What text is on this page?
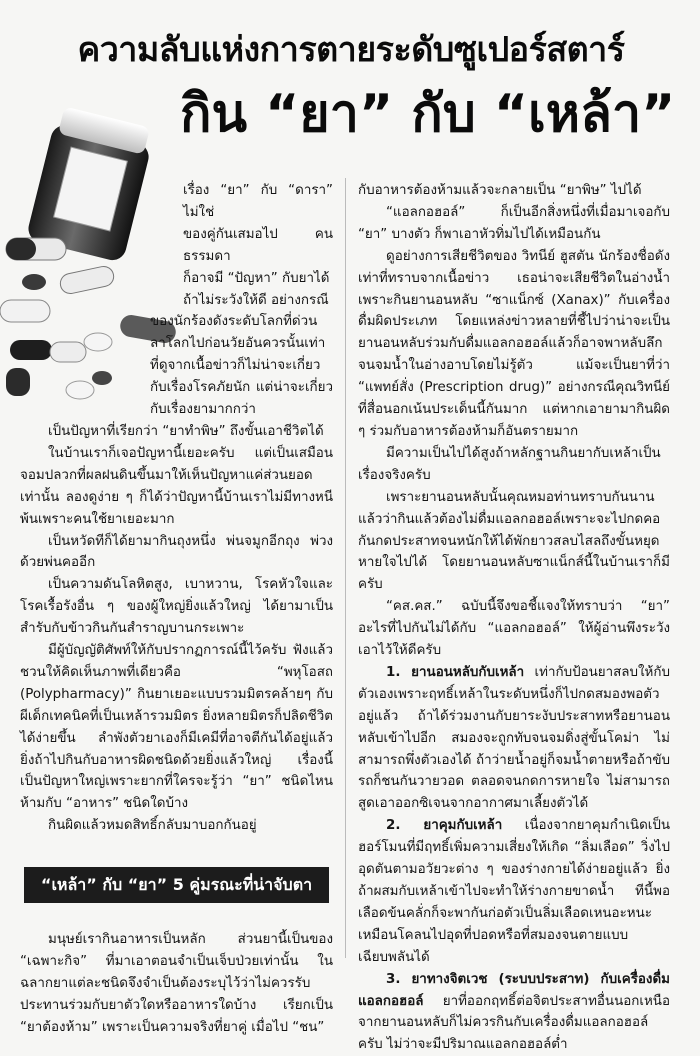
ความลับแห่งการตายระดับซูเปอร์สตาร์
กิน “ยา” กับ “เหล้า”

เรื่อง “ยา” กับ “ดารา” ไม่ใช่

ของคู่กันเสมอไป คนธรรมดา

ก็อาจมี “ปัญหา” กับยาได้

ถ้าไม่ระวังให้ดี อย่างกรณี

ของนักร้องดังระดับโลกที่ด่วนลาโลกไปก่อนวัยอันควรนั้นเท่าที่ดูจากเนื้อข่าวก็ไม่น่าจะเกี่ยวกับเรื่องโรคภัยนัก แต่น่าจะเกี่ยวกับเรื่องยามากกว่า

เป็นปัญหาที่เรียกว่า “ยาทำพิษ” ถึงขั้นเอาชีวิตได้

ในบ้านเราก็เจอปัญหานี้เยอะครับ แต่เป็นเสมือนจอมปลวกที่ผลฝนดินขึ้นมาให้เห็นปัญหาแค่ส่วนยอดเท่านั้น ลองดูง่าย ๆ ก็ได้ว่าปัญหานี้บ้านเราไม่มีทางหนีพ้นเพราะคนใช้ยาเยอะมาก

เป็นหวัดทีก็ได้ยามากินถุงหนึ่ง พ่นจมูกอีกถุง พ่วงด้วยพ่นคออีก

เป็นความดันโลหิตสูง, เบาหวาน, โรคหัวใจและโรคเรื้อรังอื่น ๆ ของผู้ใหญ่ยิ่งแล้วใหญ่ ได้ยามาเป็นสำรับกับข้าวกินกันสำราญบานกระเพาะ

มีผู้บัญญัติศัพท์ให้กับปรากฏการณ์นี้ไว้ครับ ฟังแล้วชวนให้คิดเห็นภาพที่เดียวคือ “พหุโอสถ (Polypharmacy)” กินยาเยอะแบบรวมมิตรคล้ายๆ กับผีเด็กเทคนิคที่เป็นเหล้ารวมมิตร ยิ่งหลายมิตรก็ปลิดชีวิตได้ง่ายขึ้น ลำพังตัวยาเองก็มีเคมีที่อาจตีกันได้อยู่แล้ว ยิ่งถ้าไปกินกับอาหารผิดชนิดด้วยยิ่งแล้วใหญ่ เรื่องนี้เป็นปัญหาใหญ่เพราะยากที่ใครจะรู้ว่า “ยา” ชนิดไหนห้ามกับ “อาหาร” ชนิดใดบ้าง

กินผิดแล้วหมดสิทธิ์กลับมาบอกกันอยู่

“เหล้า” กับ “ยา” 5 คู่มรณะที่น่าจับตา

มนุษย์เรากินอาหารเป็นหลัก ส่วนยานี้เป็นของ “เฉพาะกิจ” ที่มาเอาตอนจำเป็นเจ็บป่วยเท่านั้น ในฉลากยาแต่ละชนิดจึงจำเป็นต้องระบุไว้ว่าไม่ควรรับประทานร่วมกับยาตัวใดหรืออาหารใดบ้าง เรียกเป็น “ยาต้องห้าม” เพราะเป็นความจริงที่ยาคู่ เมื่อไป “ชน”

กับอาหารต้องห้ามแล้วจะกลายเป็น “ยาพิษ” ไปได้

“แอลกอฮอล์” ก็เป็นอีกสิ่งหนึ่งที่เมื่อมาเจอกับ “ยา” บางตัว ก็พาเอาหัวทิ่มไปได้เหมือนกัน

ดูอย่างการเสียชีวิตของ วิทนีย์ ฮูสตัน นักร้องชื่อดัง เท่าที่ทราบจากเนื้อข่าว เธอน่าจะเสียชีวิตในอ่างน้ำเพราะกินยานอนหลับ “ซาแน็กซ์ (Xanax)” กับเครื่องดื่มผิดประเภท โดยแหล่งข่าวหลายที่ชี้ไปว่าน่าจะเป็นยานอนหลับร่วมกับดื่มแอลกอฮอล์แล้วก็อาจพาหลับลึกจนจมน้ำในอ่างอาบโดยไม่รู้ตัว แม้จะเป็นยาที่ว่า “แพทย์สั่ง (Prescription drug)” อย่างกรณีคุณวิทนีย์ที่สื่อนอกเน้นประเด็นนี้กันมาก แต่หากเอายามากินผิด ๆ ร่วมกับอาหารต้องห้ามก็อันตรายมาก

มีความเป็นไปได้สูงถ้าหลักฐานกินยากับเหล้าเป็นเรื่องจริงครับ

เพราะยานอนหลับนั้นคุณหมอท่านทราบกันนานแล้วว่ากินแล้วต้องไม่ดื่มแอลกอฮอล์เพราะจะไปกดคอกันกดประสาทจนหนักให้ได้พักยาวสลบไสลถึงขั้นหยุดหายใจไปได้ โดยยานอนหลับซาแน็กส์นี้ในบ้านเราก็มีครับ

“คส.คส.” ฉบับนี้จึงขอชี้แจงให้ทราบว่า “ยา” อะไรที่ไปกันไม่ได้กับ “แอลกอฮอล์” ให้ผู้อ่านพึงระวังเอาไว้ให้ดีครับ

1. ยานอนหลับกับเหล้า เท่ากับป้อนยาสลบให้กับตัวเองเพราะฤทธิ์เหล้าในระดับหนึ่งก็ไปกดสมองพอตัวอยู่แล้ว ถ้าได้ร่วมงานกับยาระงับประสาทหรือยานอนหลับเข้าไปอีก สมองจะถูกทับจนจมดิ่งสู่ขั้นโคม่า ไม่สามารถพึ่งตัวเองได้ ถ้าว่ายน้ำอยู่ก็จมน้ำตายหรือถ้าขับรถก็ชนกันวายวอด ตลอดจนกดการหายใจ ไม่สามารถสูดเอาออกซิเจนจากอากาศมาเลี้ยงตัวได้

2. ยาคุมกับเหล้า เนื่องจากยาคุมกำเนิดเป็นฮอร์โมนที่มีฤทธิ์เพิ่มความเสี่ยงให้เกิด “ลิ่มเลือด” วิ่งไปอุดตันตามอวัยวะต่าง ๆ ของร่างกายได้ง่ายอยู่แล้ว ยิ่งถ้าผสมกับเหล้าเข้าไปจะทำให้ร่างกายขาดน้ำ ทีนี้พอเลือดข้นคลั่กก็จะพากันก่อตัวเป็นลิ่มเลือดเหนอะหนะเหมือนโคลนไปอุดที่ปอดหรือที่สมองจนตายแบบเฉียบพลันได้

3. ยาทางจิตเวช (ระบบประสาท) กับเครื่องดื่มแอลกอฮอล์ ยาที่ออกฤทธิ์ต่อจิตประสาทอื่นนอกเหนือจากยานอนหลับก็ไม่ควรกินกับเครื่องดื่มแอลกอฮอล์ครับ ไม่ว่าจะมีปริมาณแอลกอฮอล์ต่ำ
